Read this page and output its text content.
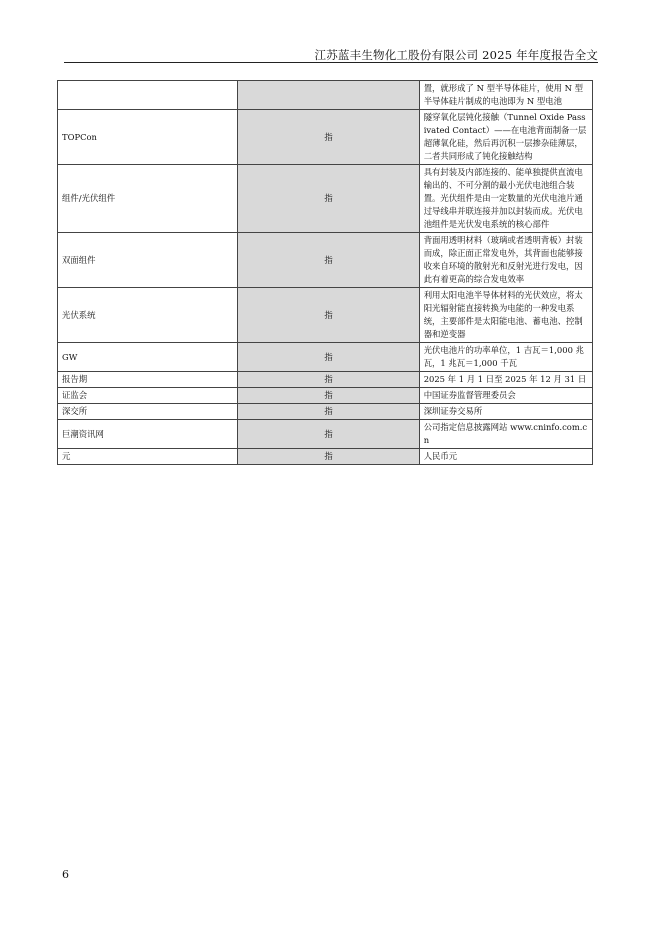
江苏蓝丰生物化工股份有限公司 2025 年年度报告全文
		置，就形成了 N 型半导体硅片，使用 N 型半导体硅片制成的电池即为 N 型电池
TOPCon	指	隧穿氧化层钝化接触（Tunnel Oxide Passivated Contact）——在电池背面制备一层超薄氧化硅，然后再沉积一层掺杂硅薄层，二者共同形成了钝化接触结构
组件/光伏组件	指	具有封装及内部连接的、能单独提供直流电输出的、不可分割的最小光伏电池组合装置。光伏组件是由一定数量的光伏电池片通过导线串并联连接并加以封装而成。光伏电池组件是光伏发电系统的核心部件
双面组件	指	背面用透明材料（玻璃或者透明背板）封装而成，除正面正常发电外，其背面也能够接收来自环境的散射光和反射光进行发电，因此有着更高的综合发电效率
光伏系统	指	利用太阳电池半导体材料的光伏效应，将太阳光辐射能直接转换为电能的一种发电系统，主要部件是太阳能电池、蓄电池、控制器和逆变器
GW	指	光伏电池片的功率单位，1 吉瓦＝1,000 兆瓦，1 兆瓦＝1,000 千瓦
报告期	指	2025 年 1 月 1 日至 2025 年 12 月 31 日
证监会	指	中国证券监督管理委员会
深交所	指	深圳证券交易所
巨潮资讯网	指	公司指定信息披露网站 www.cninfo.com.cn
元	指	人民币元
6
